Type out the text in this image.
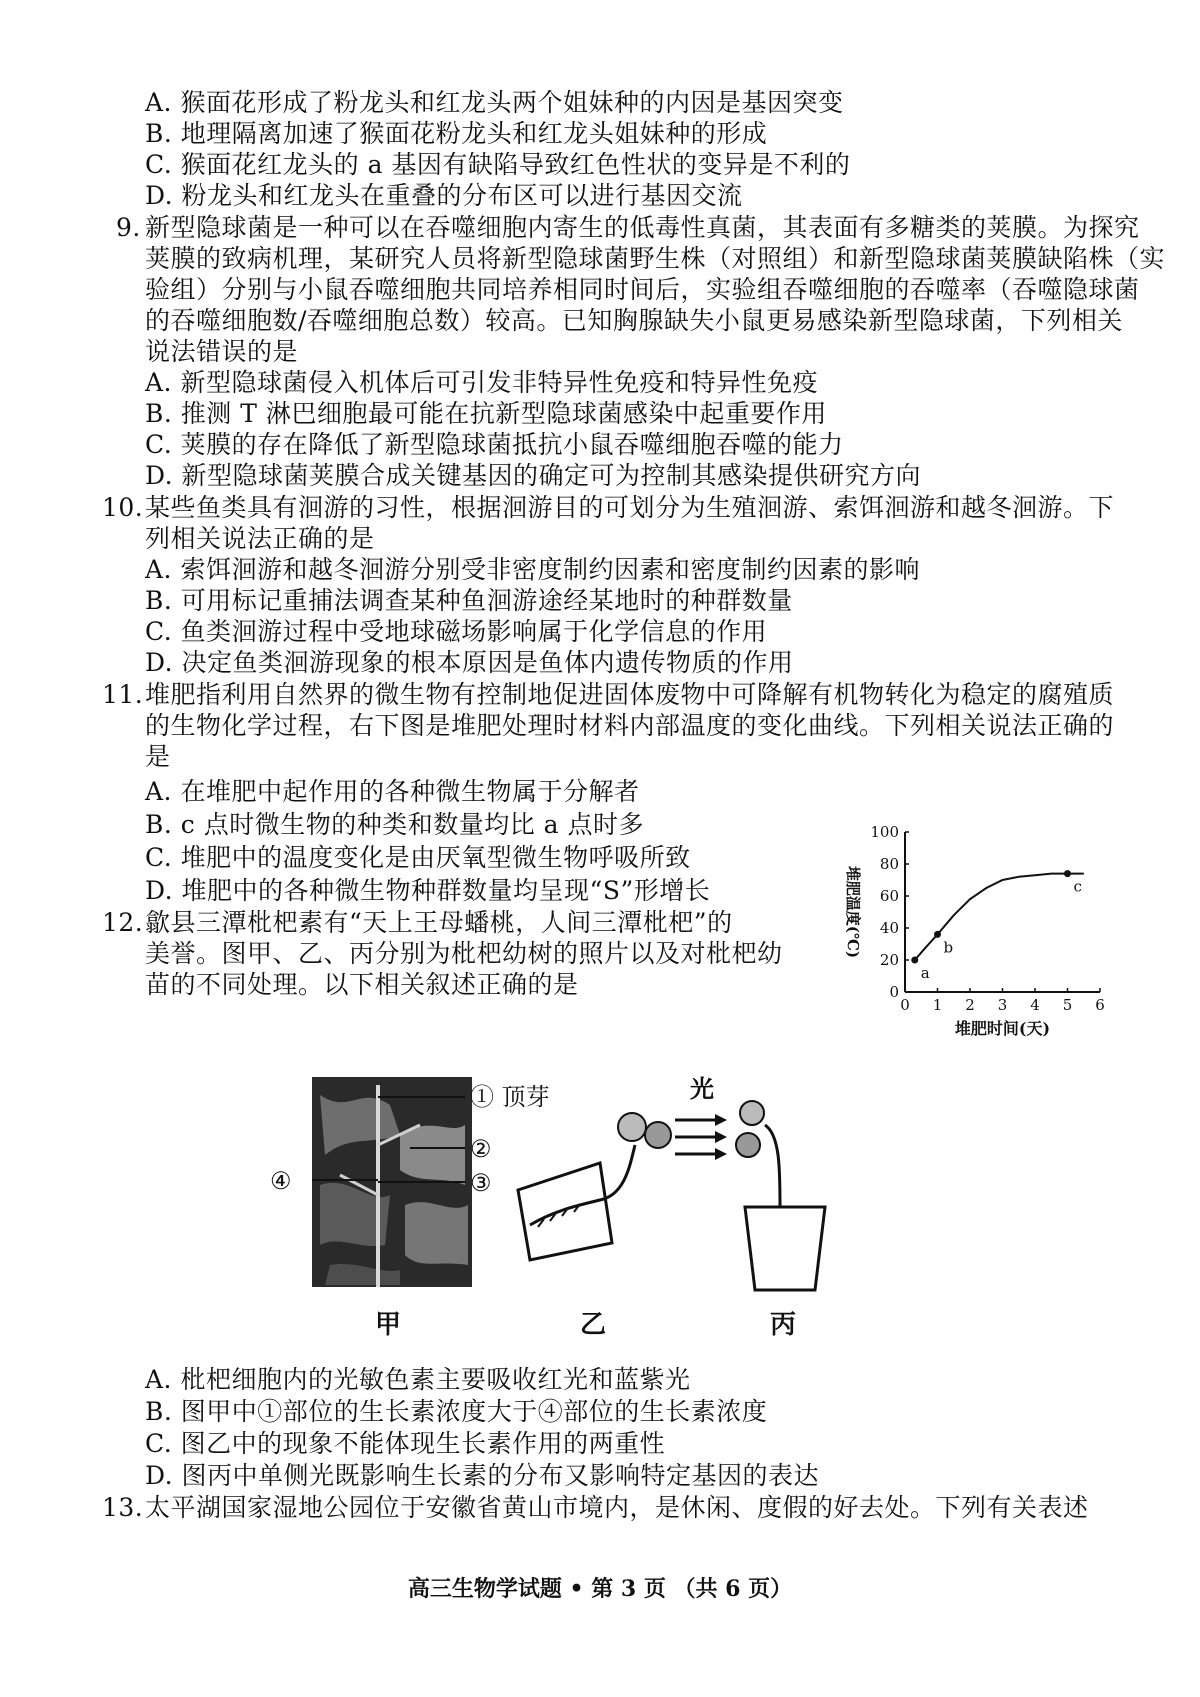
A. 猴面花形成了粉龙头和红龙头两个姐妹种的内因是基因突变
B. 地理隔离加速了猴面花粉龙头和红龙头姐妹种的形成
C. 猴面花红龙头的 a 基因有缺陷导致红色性状的变异是不利的
D. 粉龙头和红龙头在重叠的分布区可以进行基因交流
9. 新型隐球菌是一种可以在吞噬细胞内寄生的低毒性真菌，其表面有多糖类的荚膜。为探究
荚膜的致病机理，某研究人员将新型隐球菌野生株（对照组）和新型隐球菌荚膜缺陷株（实
验组）分别与小鼠吞噬细胞共同培养相同时间后，实验组吞噬细胞的吞噬率（吞噬隐球菌
的吞噬细胞数/吞噬细胞总数）较高。已知胸腺缺失小鼠更易感染新型隐球菌，下列相关
说法错误的是
A. 新型隐球菌侵入机体后可引发非特异性免疫和特异性免疫
B. 推测 T 淋巴细胞最可能在抗新型隐球菌感染中起重要作用
C. 荚膜的存在降低了新型隐球菌抵抗小鼠吞噬细胞吞噬的能力
D. 新型隐球菌荚膜合成关键基因的确定可为控制其感染提供研究方向
10. 某些鱼类具有洄游的习性，根据洄游目的可划分为生殖洄游、索饵洄游和越冬洄游。下
列相关说法正确的是
A. 索饵洄游和越冬洄游分别受非密度制约因素和密度制约因素的影响
B. 可用标记重捕法调查某种鱼洄游途经某地时的种群数量
C. 鱼类洄游过程中受地球磁场影响属于化学信息的作用
D. 决定鱼类洄游现象的根本原因是鱼体内遗传物质的作用
11. 堆肥指利用自然界的微生物有控制地促进固体废物中可降解有机物转化为稳定的腐殖质
的生物化学过程，右下图是堆肥处理时材料内部温度的变化曲线。下列相关说法正确的
是
A. 在堆肥中起作用的各种微生物属于分解者
B. c 点时微生物的种类和数量均比 a 点时多
C. 堆肥中的温度变化是由厌氧型微生物呼吸所致
D. 堆肥中的各种微生物种群数量均呈现“S”形增长
0 1 2 3 4 5 6
0
20
40
60
80
100
堆肥时间(天)
堆肥温度(℃)
a
b
c
12. 歙县三潭枇杷素有“天上王母蟠桃，人间三潭枇杷”的
美誉。图甲、乙、丙分别为枇杷幼树的照片以及对枇杷幼
苗的不同处理。以下相关叙述正确的是
① 顶芽
②
③
④
光
甲	乙	丙
A. 枇杷细胞内的光敏色素主要吸收红光和蓝紫光
B. 图甲中①部位的生长素浓度大于④部位的生长素浓度
C. 图乙中的现象不能体现生长素作用的两重性
D. 图丙中单侧光既影响生长素的分布又影响特定基因的表达
13. 太平湖国家湿地公园位于安徽省黄山市境内，是休闲、度假的好去处。下列有关表述
高三生物学试题 • 第 3 页 （共 6 页）
